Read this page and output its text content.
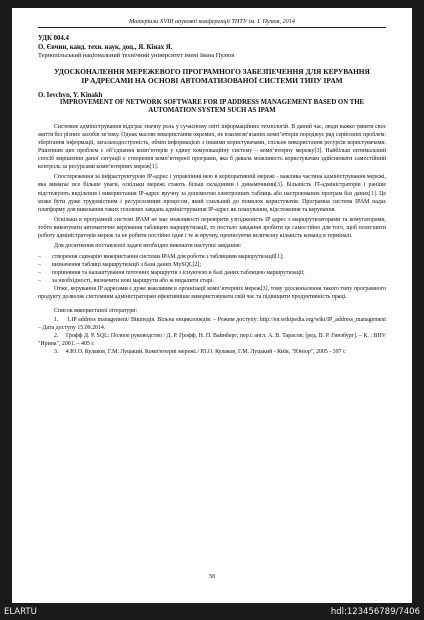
Матеріали XVIII наукової конференції ТНТУ ім. І. Пулюя, 2014
УДК 004.4
О. Євчин, канд. техн. наук, доц., Я. Кінах Я.
Тернопільський національний технічний університет імені Івана Пулюя
УДОСКОНАЛЕННЯ МЕРЕЖЕВОГО ПРОГРАМНОГО ЗАБЕЗПЕЧЕННЯ ДЛЯ КЕРУВАННЯ IP АДРЕСАМИ НА ОСНОВІ АВТОМАТИЗОВАНОЇ СИСТЕМИ ТИПУ IPAM
O. Ievchyn, Y. Kinakh
IMPROVEMENT OF NETWORK SOFTWARE FOR IP ADDRESS MANAGEMENT BASED ON THE AUTOMATION SYSTEM SUCH AS IPAM

Системне адміністрування відіграє значну роль у сучасному світі інформаційних технологій. В даний час, люди важко уявити своє життя без різних засобів зв’язку. Однак масове використання окремих, не взаємозв’язаних комп’ютерів породжує ряд серйозних проблем: зберігання інформації, загальнодоступність, обмін інформацією з іншими користувачами, спільне використання ресурсів користувачами. Рішенням цих проблем є об’єднання комп’ютерів у єдину комунікаційну систему – комп’ютерну мережу[3]. Найбільш оптимальний спосіб вирішення даної ситуації є створення комп’ютерної програми, яка б давала можливість користувачам здійснювати самостійний контроль за ресурсами комп’ютерних мереж[1].

Спостереження за інфраструктурою IP-адрес і управління нею в корпоративній мережі - важлива частина адміністрування мережі, яка вимагає все більше уваги, оскільки мережі стають більш складними і динамічними[3]. Більшість IT-адміністраторів і раніше відстежують виділення і використання IP-адрес вручну за допомогою електронних таблиць або настроюваних програм баз даних[1]. Це може бути дуже трудомістким і ресурсоємним процесом, який схильний до помилок користувачів. Програмна система IPAM надає платформу для виконання таких головних завдань адміністрування IP-адрес як планування, відстеження та керування.

Оскільки в програмній системі IPAM не має можливості перевірити узгодженість IP адрес з маршрутизаторами та комутаторами, тобто виконувати автоматичне керування таблицею маршрутизації, то постало завдання зробити це самостійно для того, щоб полегшити роботу адміністраторів мереж та не робити постійно одне і те ж вручну, прописуючи величезну кількість команд в терміналі.

Для досягнення поставленої задачі необхідно виконати наступні завдання:

– створення сценарію використання системи IPAM для роботи з таблицями маршрутизації[1];
– визначення таблиці маршрутизації з бази даних MySQL[2];
– порівняння та налаштування поточних маршрутів з існуючою в базі даних таблицею маршрутизації;
– за необхідності, визначити нові маршрути або ж видалити старі.

Отже, керування IP адресами є дуже важливим в організації комп’ютерних мереж[3], тому удосконалення такого типу програмного продукту дозволяє системним адміністраторам ефективніше використовувати свій час та підвищити продуктивність праці.

Список використаної літератури:
1.     1.IP address management/ Вікіпедія. Вільна енциклопедія: – Режим доступу: http://en.wikipedia.org/wiki/IP_address_management – Дата доступу 15.09.2014.
2.     Грофф Д. Р. SQL: Полное руководство / Д. Р. Грофф, Н. П. Вайнберг; пер.с англ. А. В. Тарасов; [ред. В. Р. Гинзбург]. – К. : BHV "Ирина", 2001. – 405 с
3.     4.Ю.О. Кулаков, Г.М. Луцький. Комп'ютерні мережі./ Ю.О. Кулаков, Г.М. Луцький - Київ, "Юніор", 2005 - 397 с
58
ELARTU	hdl:123456789/7406
